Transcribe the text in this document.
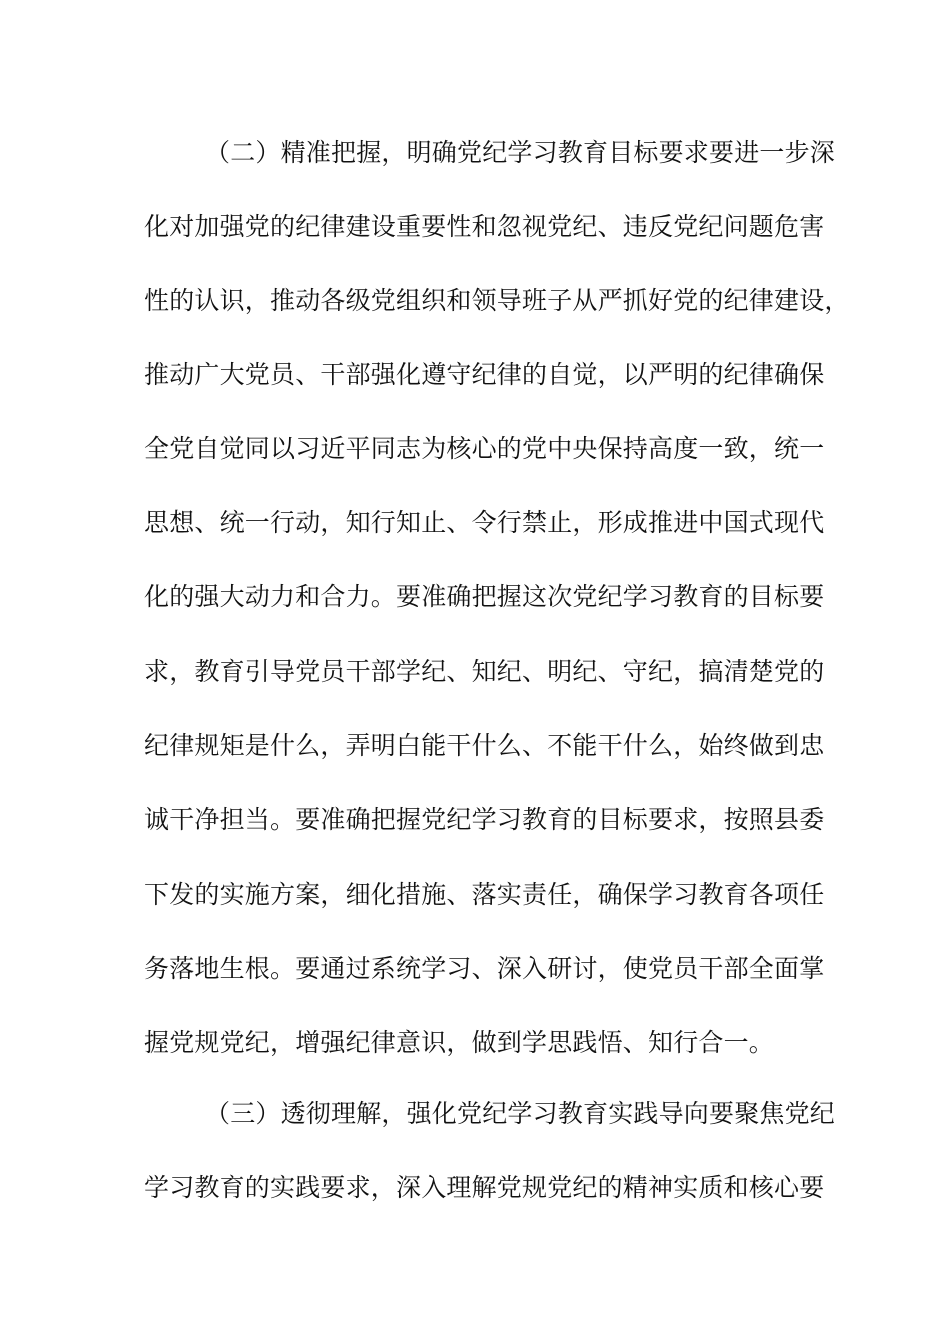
（二）精准把握，明确党纪学习教育目标要求要进一步深
化对加强党的纪律建设重要性和忽视党纪、违反党纪问题危害
性的认识，推动各级党组织和领导班子从严抓好党的纪律建设，
推动广大党员、干部强化遵守纪律的自觉，以严明的纪律确保
全党自觉同以习近平同志为核心的党中央保持高度一致，统一
思想、统一行动，知行知止、令行禁止，形成推进中国式现代
化的强大动力和合力。要准确把握这次党纪学习教育的目标要
求，教育引导党员干部学纪、知纪、明纪、守纪，搞清楚党的
纪律规矩是什么，弄明白能干什么、不能干什么，始终做到忠
诚干净担当。要准确把握党纪学习教育的目标要求，按照县委
下发的实施方案，细化措施、落实责任，确保学习教育各项任
务落地生根。要通过系统学习、深入研讨，使党员干部全面掌
握党规党纪，增强纪律意识，做到学思践悟、知行合一。
（三）透彻理解，强化党纪学习教育实践导向要聚焦党纪
学习教育的实践要求，深入理解党规党纪的精神实质和核心要
